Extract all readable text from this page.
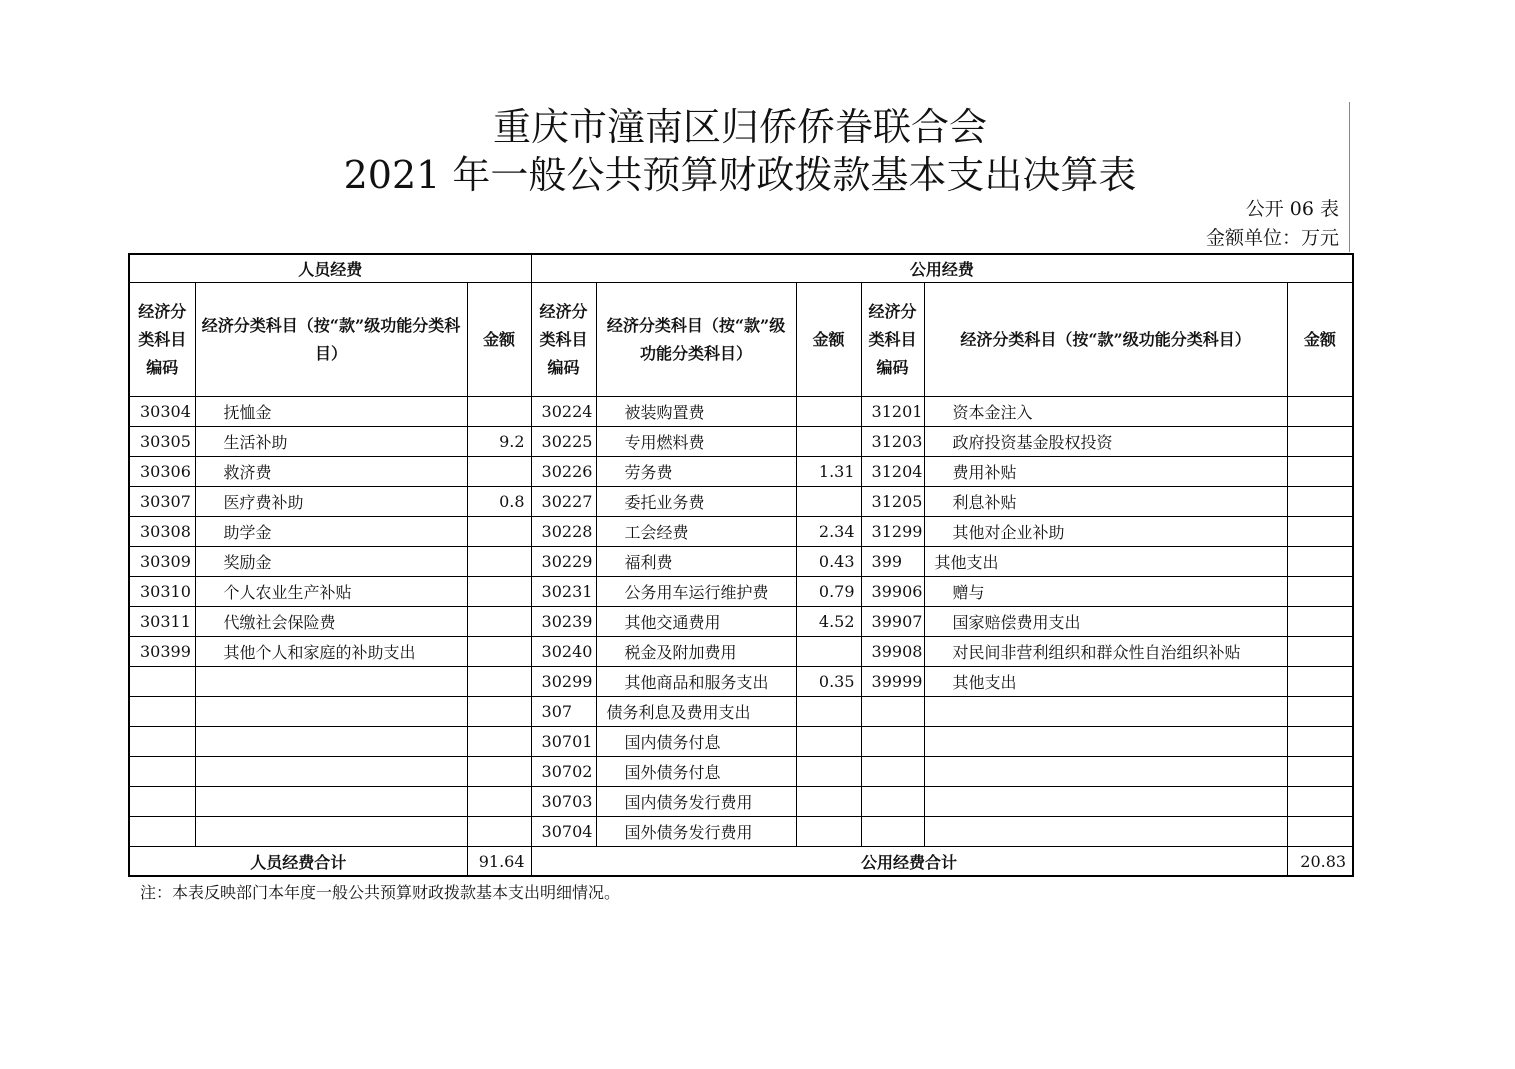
重庆市潼南区归侨侨眷联合会
2021 年一般公共预算财政拨款基本支出决算表
公开 06 表
金额单位：万元
人员经费			公用经费					
经济分类科目编码	经济分类科目（按“款”级功能分类科目）	金额	经济分类科目编码	经济分类科目（按“款”级功能分类科目）	金额	经济分类科目编码	经济分类科目（按“款”级功能分类科目）	金额
30304	抚恤金		30224	被装购置费		31201	资本金注入	
30305	生活补助	9.2	30225	专用燃料费		31203	政府投资基金股权投资	
30306	救济费		30226	劳务费	1.31	31204	费用补贴	
30307	医疗费补助	0.8	30227	委托业务费		31205	利息补贴	
30308	助学金		30228	工会经费	2.34	31299	其他对企业补助	
30309	奖励金		30229	福利费	0.43	399	其他支出	
30310	个人农业生产补贴		30231	公务用车运行维护费	0.79	39906	赠与	
30311	代缴社会保险费		30239	其他交通费用	4.52	39907	国家赔偿费用支出	
30399	其他个人和家庭的补助支出		30240	税金及附加费用		39908	对民间非营利组织和群众性自治组织补贴	
			30299	其他商品和服务支出	0.35	39999	其他支出	
			307	债务利息及费用支出				
			30701	国内债务付息				
			30702	国外债务付息				
			30703	国内债务发行费用				
			30704	国外债务发行费用				
人员经费合计		91.64	公用经费合计					20.83
注：本表反映部门本年度一般公共预算财政拨款基本支出明细情况。
